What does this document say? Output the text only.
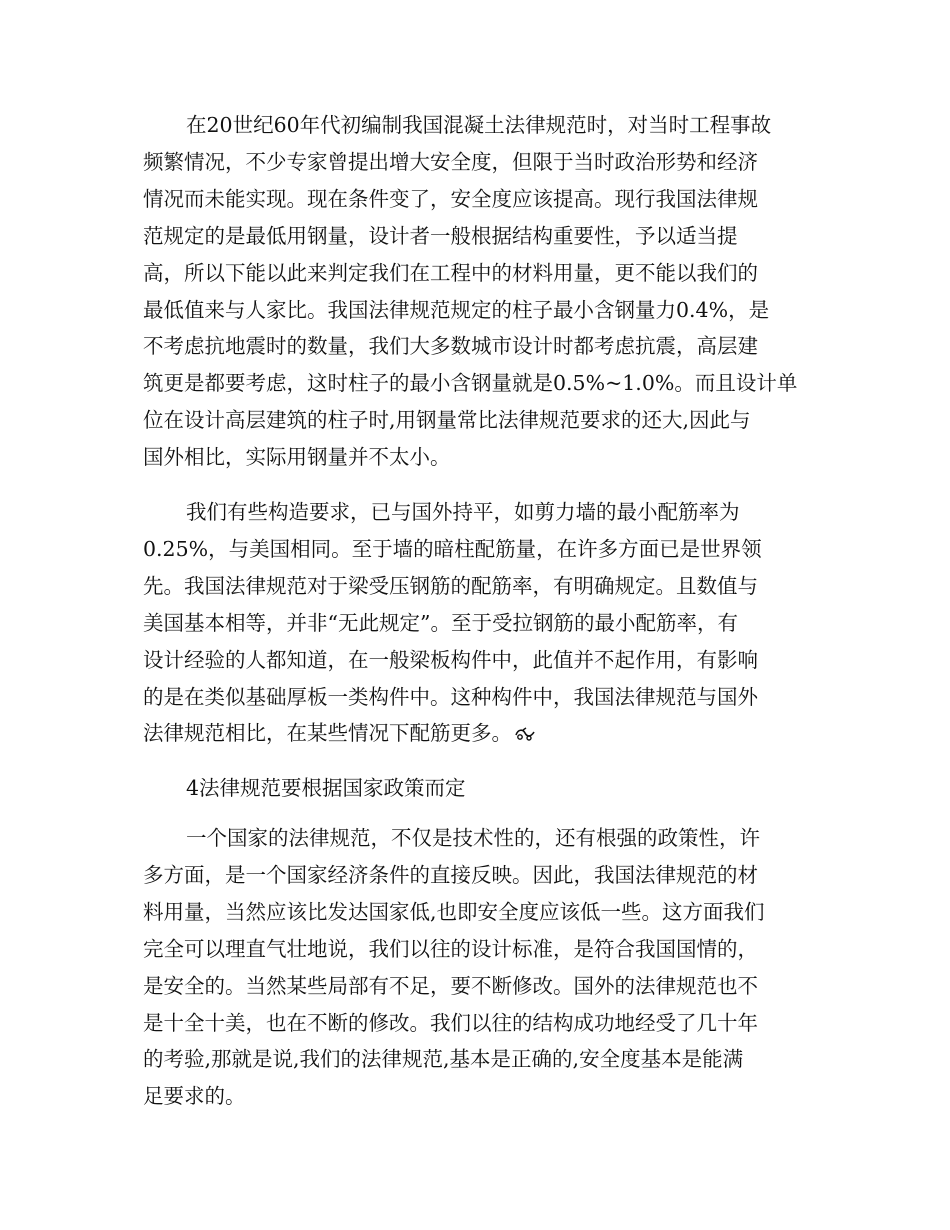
在20世纪60年代初编制我国混凝土法律规范时，对当时工程事故
频繁情况，不少专家曾提出增大安全度，但限于当时政治形势和经济
情况而未能实现。现在条件变了，安全度应该提高。现行我国法律规
范规定的是最低用钢量，设计者一般根据结构重要性，予以适当提
高，所以下能以此来判定我们在工程中的材料用量，更不能以我们的
最低值来与人家比。我国法律规范规定的柱子最小含钢量力0.4%，是
不考虑抗地震时的数量，我们大多数城市设计时都考虑抗震，高层建
筑更是都要考虑，这时柱子的最小含钢量就是0.5%~1.0%。而且设计单
位在设计高层建筑的柱子时,用钢量常比法律规范要求的还大,因此与
国外相比，实际用钢量并不太小。

我们有些构造要求，已与国外持平，如剪力墙的最小配筋率为
0.25%，与美国相同。至于墙的暗柱配筋量，在许多方面已是世界领
先。我国法律规范对于梁受压钢筋的配筋率，有明确规定。且数值与
美国基本相等，并非“无此规定”。至于受拉钢筋的最小配筋率，有
设计经验的人都知道，在一般梁板构件中，此值并不起作用，有影响
的是在类似基础厚板一类构件中。这种构件中，我国法律规范与国外
法律规范相比，在某些情况下配筋更多。

4法律规范要根据国家政策而定

一个国家的法律规范，不仅是技术性的，还有根强的政策性，许
多方面，是一个国家经济条件的直接反映。因此，我国法律规范的材
料用量，当然应该比发达国家低,也即安全度应该低一些。这方面我们
完全可以理直气壮地说，我们以往的设计标准，是符合我国国情的，
是安全的。当然某些局部有不足，要不断修改。国外的法律规范也不
是十全十美，也在不断的修改。我们以往的结构成功地经受了几十年
的考验,那就是说,我们的法律规范,基本是正确的,安全度基本是能满
足要求的。
